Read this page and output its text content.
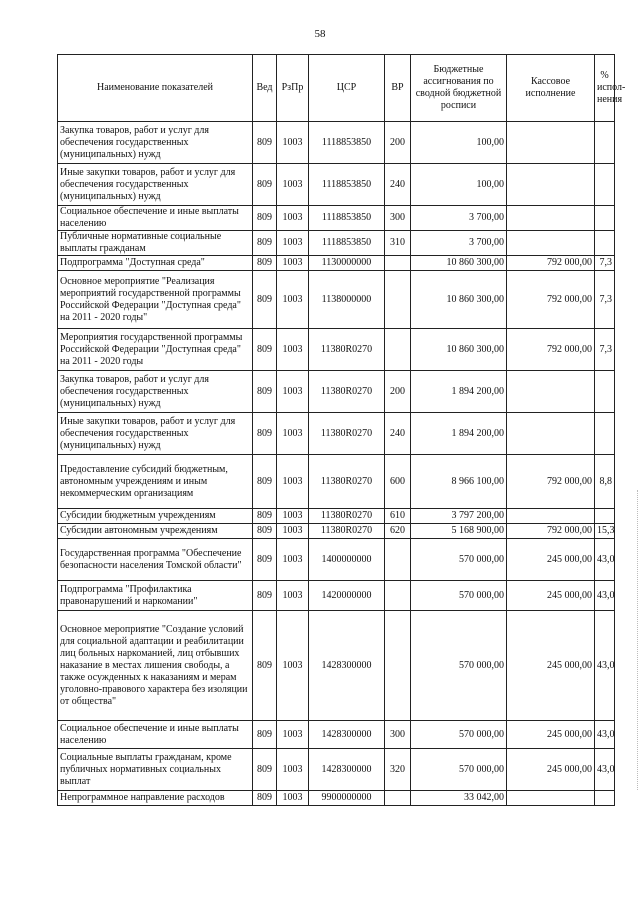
58
Наименование показателей	Вед	РзПр	ЦСР	ВР	Бюджетные ассигнования по сводной бюджетной росписи	Кассовое исполнение	% испол-нения
Закупка товаров, работ и услуг для обеспечения государственных (муниципальных) нужд	809	1003	1118853850	200	100,00		
Иные закупки товаров, работ и услуг для обеспечения государственных (муниципальных) нужд	809	1003	1118853850	240	100,00		
Социальное обеспечение и иные выплаты населению	809	1003	1118853850	300	3 700,00		
Публичные нормативные социальные выплаты гражданам	809	1003	1118853850	310	3 700,00		
Подпрограмма "Доступная среда"	809	1003	1130000000		10 860 300,00	792 000,00	7,3
Основное мероприятие "Реализация мероприятий государственной программы Российской Федерации "Доступная среда" на 2011 - 2020 годы"	809	1003	1138000000		10 860 300,00	792 000,00	7,3
Мероприятия государственной программы Российской Федерации "Доступная среда" на 2011 - 2020 годы	809	1003	11380R0270		10 860 300,00	792 000,00	7,3
Закупка товаров, работ и услуг для обеспечения государственных (муниципальных) нужд	809	1003	11380R0270	200	1 894 200,00		
Иные закупки товаров, работ и услуг для обеспечения государственных (муниципальных) нужд	809	1003	11380R0270	240	1 894 200,00		
Предоставление субсидий бюджетным, автономным учреждениям и иным некоммерческим организациям	809	1003	11380R0270	600	8 966 100,00	792 000,00	8,8
Субсидии бюджетным учреждениям	809	1003	11380R0270	610	3 797 200,00		
Субсидии автономным учреждениям	809	1003	11380R0270	620	5 168 900,00	792 000,00	15,3
Государственная программа "Обеспечение безопасности населения Томской области"	809	1003	1400000000		570 000,00	245 000,00	43,0
Подпрограмма "Профилактика правонарушений и наркомании"	809	1003	1420000000		570 000,00	245 000,00	43,0
Основное мероприятие "Создание условий для социальной адаптации и реабилитации лиц больных наркоманией, лиц отбывших наказание в местах лишения свободы, а также осужденных к наказаниям и мерам уголовно-правового характера без изоляции от общества"	809	1003	1428300000		570 000,00	245 000,00	43,0
Социальное обеспечение и иные выплаты населению	809	1003	1428300000	300	570 000,00	245 000,00	43,0
Социальные выплаты гражданам, кроме публичных нормативных социальных выплат	809	1003	1428300000	320	570 000,00	245 000,00	43,0
Непрограммное направление расходов	809	1003	9900000000		33 042,00		
